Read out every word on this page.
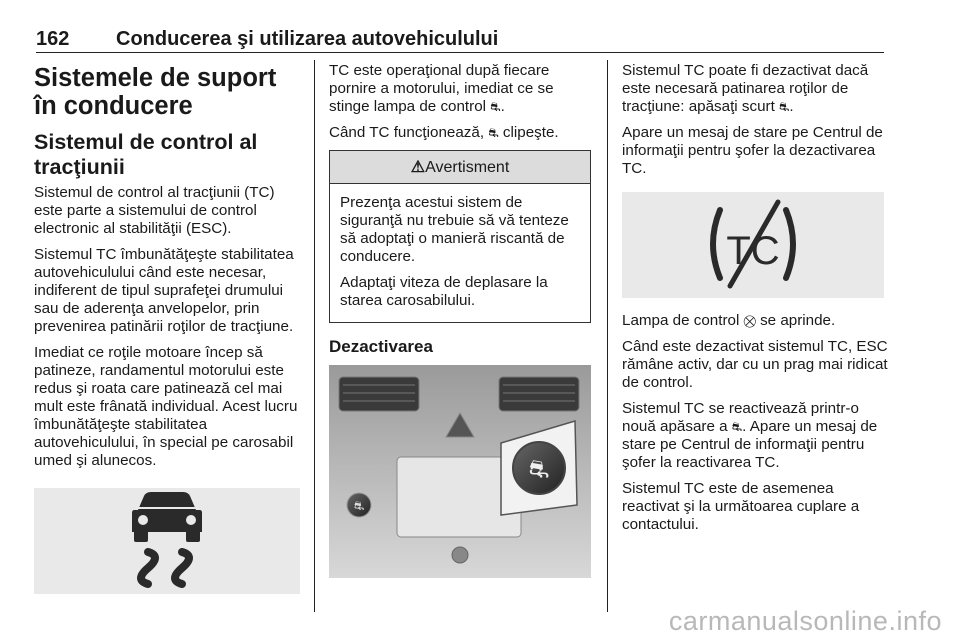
162 Conducerea şi utilizarea autovehiculului
Sistemele de suport în conducere
Sistemul de control al tracţiunii

Sistemul de control al tracţiunii (TC) este parte a sistemului de control electronic al stabilităţii (ESC).

Sistemul TC îmbunătăţeşte stabilitatea autovehiculului când este necesar, indiferent de tipul suprafeţei drumului sau de aderenţa anvelopelor, prin prevenirea patinării roţilor de tracţiune.

Imediat ce roţile motoare încep să patineze, randamentul motorului este redus şi roata care patinează cel mai mult este frânată individual. Acest lucru îmbunătăţeşte stabilitatea autovehiculului, în special pe carosabil umed şi alunecos.

TC este operaţional după fiecare pornire a motorului, imediat ce se stinge lampa de control ⛐.

Când TC funcţionează, ⛐ clipeşte.

⚠Avertisment

Prezenţa acestui sistem de siguranţă nu trebuie să vă tenteze să adoptaţi o manieră riscantă de conducere.

Adaptaţi viteza de deplasare la starea carosabilului.

Dezactivarea
⛐
⛐

Sistemul TC poate fi dezactivat dacă este necesară patinarea roţilor de tracţiune: apăsaţi scurt ⛐.

Apare un mesaj de stare pe Centrul de informaţii pentru şofer la dezactivarea TC.

TC

Lampa de control ⛒ se aprinde.

Când este dezactivat sistemul TC, ESC rămâne activ, dar cu un prag mai ridicat de control.

Sistemul TC se reactivează printr-o nouă apăsare a ⛐. Apare un mesaj de stare pe Centrul de informaţii pentru şofer la reactivarea TC.

Sistemul TC este de asemenea reactivat şi la următoarea cuplare a contactului.

carmanualsonline.info
